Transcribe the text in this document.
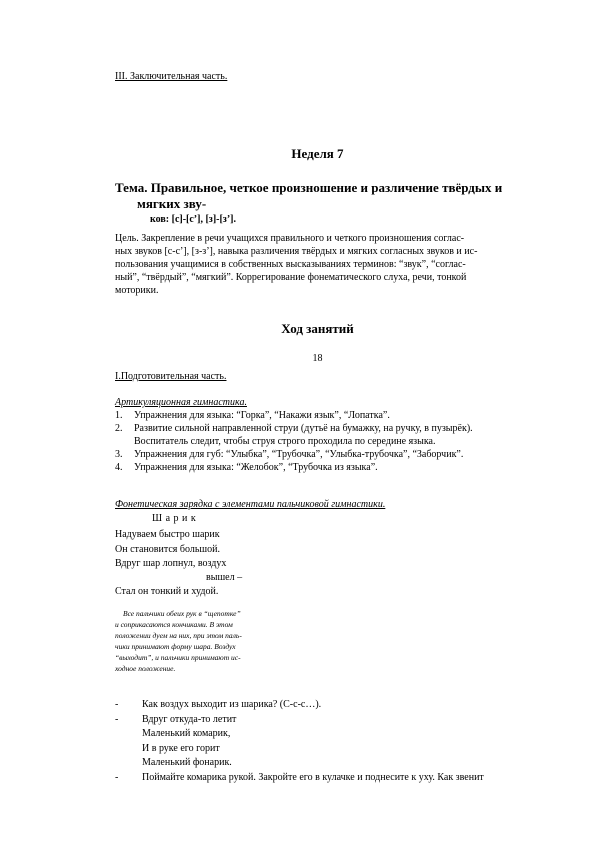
III. Заключительная часть.
Неделя 7
Тема. Правильное, четкое произношение и различение твёрдых и
мягких зву-
ков: [с]-[с’], [з]-[з’].

Цель. Закрепление в речи учащихся правильного и четкого произношения соглас-

ных звуков [с-с’], [з-з’], навыка различения твёрдых и мягких согласных звуков и ис-

пользования учащимися в собственных высказываниях терминов: “звук”, “соглас-

ный”, “твёрдый”, “мягкий”. Коррегирование фонематического слуха, речи, тонкой

моторики.

Ход занятий
18
I.Подготовительная часть.
Артикуляционная гимнастика.

1. Упражнения для языка: “Горка”, “Накажи язык”, “Лопатка”.

2. Развитие сильной направленной струи (дутьё на бумажку, на ручку, в пузырёк).

Воспитатель следит, чтобы струя строго проходила по середине языка.

3. Упражнения для губ: “Улыбка”, “Трубочка”, “Улыбка-трубочка”, “Заборчик”.

4. Упражнения для языка: “Желобок”, “Трубочка из языка”.

Фонетическая зарядка с элементами пальчиковой гимнастики.
Ш а р и к
Надуваем быстро шарик
Он становится большой.
Вдруг шар лопнул, воздух
вышел –
Стал он тонкий и худой.

Все пальчики обеих рук в “щепотке”

и соприкасаются кончиками. В этом

положении дуем на них, при этом паль-

чики принимают форму шара. Воздух

“выходит”, и пальчики принимают ис-

ходное положение.

- Как воздух выходит из шарика? (С-с-с…).

- Вдруг откуда-то летит

Маленький комарик,

И в руке его горит

Маленький фонарик.

- Поймайте комарика рукой. Закройте его в кулачке и поднесите к уху. Как звенит
